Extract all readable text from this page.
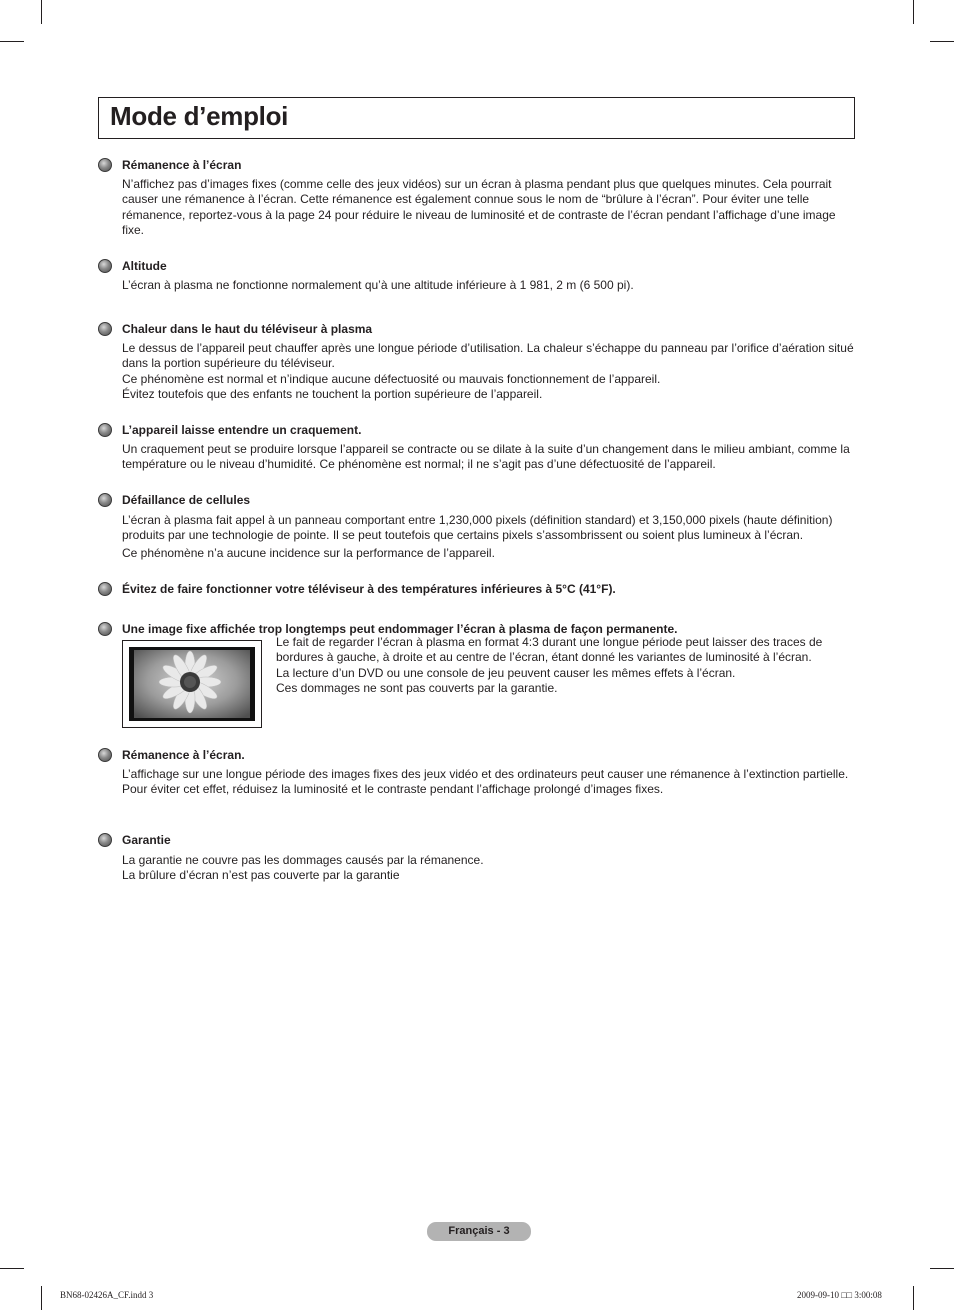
Mode d’emploi
Rémanence à l’écran

N’affichez pas d’images fixes (comme celle des jeux vidéos) sur un écran à plasma pendant plus que quelques minutes. Cela pourrait causer une rémanence à l’écran. Cette rémanence est également connue sous le nom de “brûlure à l’écran”. Pour éviter une telle rémanence, reportez-vous à la page 24 pour réduire le niveau de luminosité et de contraste de l’écran pendant l’affichage d’une image fixe.

Altitude

L’écran à plasma ne fonctionne normalement qu’à une altitude inférieure à 1 981, 2 m (6 500 pi).

Chaleur dans le haut du téléviseur à plasma

Le dessus de l’appareil peut chauffer après une longue période d’utilisation. La chaleur s’échappe du panneau par l’orifice d’aération situé dans la portion supérieure du téléviseur.

Ce phénomène est normal et n’indique aucune défectuosité ou mauvais fonctionnement de l’appareil.

Évitez toutefois que des enfants ne touchent la portion supérieure de l’appareil.

L’appareil laisse entendre un craquement.

Un craquement peut se produire lorsque l’appareil se contracte ou se dilate à la suite d’un changement dans le milieu ambiant, comme la température ou le niveau d’humidité. Ce phénomène est normal; il ne s’agit pas d’une défectuosité de l’appareil.

Défaillance de cellules

L’écran à plasma fait appel à un panneau comportant entre 1,230,000 pixels (définition standard) et 3,150,000 pixels (haute définition) produits par une technologie de pointe. Il se peut toutefois que certains pixels s’assombrissent ou soient plus lumineux à l’écran.

Ce phénomène n’a aucune incidence sur la performance de l’appareil.

Évitez de faire fonctionner votre téléviseur à des températures inférieures à 5°C (41°F).
Une image fixe affichée trop longtemps peut endommager l’écran à plasma de façon permanente.

Le fait de regarder l’écran à plasma en format 4:3 durant une longue période peut laisser des traces de bordures à gauche, à droite et au centre de l’écran, étant donné les variantes de luminosité à l’écran.

La lecture d’un DVD ou une console de jeu peuvent causer les mêmes effets à l’écran.

Ces dommages ne sont pas couverts par la garantie.

Rémanence à l’écran.

L’affichage sur une longue période des images fixes des jeux vidéo et des ordinateurs peut causer une rémanence à l’extinction partielle.

Pour éviter cet effet, réduisez la luminosité et le contraste pendant l’affichage prolongé d’images fixes.

Garantie

La garantie ne couvre pas les dommages causés par la rémanence.

La brûlure d’écran n’est pas couverte par la garantie

Français - 3
BN68-02426A_CF.indd 3	2009-09-10 □□ 3:00:08
